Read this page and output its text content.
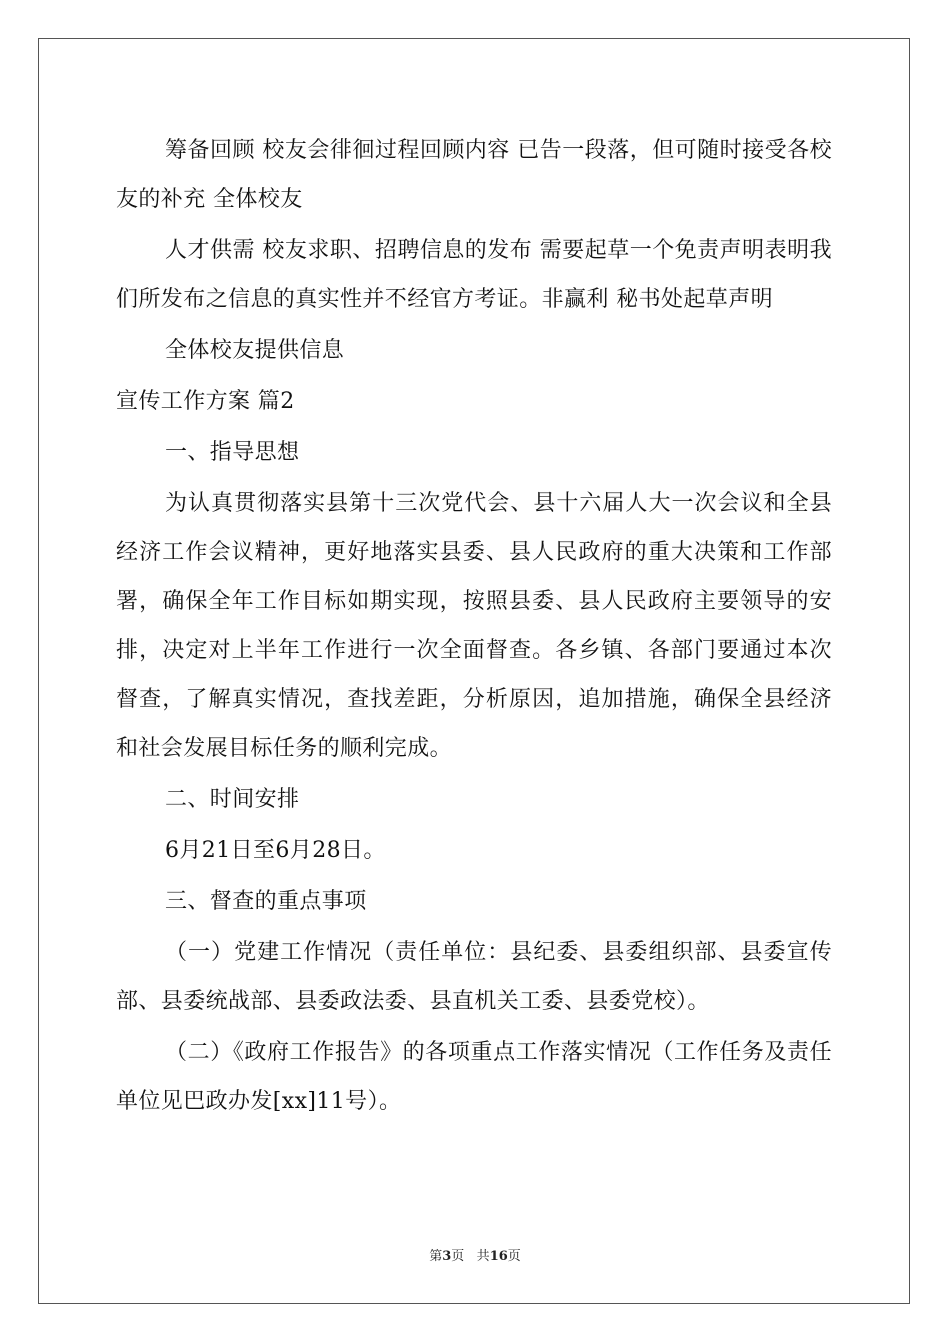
筹备回顾 校友会徘徊过程回顾内容 已告一段落，但可随时接受各校友的补充 全体校友

人才供需 校友求职、招聘信息的发布 需要起草一个免责声明表明我们所发布之信息的真实性并不经官方考证。非赢利 秘书处起草声明

全体校友提供信息

宣传工作方案 篇2

一、指导思想

为认真贯彻落实县第十三次党代会、县十六届人大一次会议和全县经济工作会议精神，更好地落实县委、县人民政府的重大决策和工作部署，确保全年工作目标如期实现，按照县委、县人民政府主要领导的安排，决定对上半年工作进行一次全面督查。各乡镇、各部门要通过本次督查，了解真实情况，查找差距，分析原因，追加措施，确保全县经济和社会发展目标任务的顺利完成。

二、时间安排

6月21日至6月28日。

三、督查的重点事项

（一）党建工作情况（责任单位：县纪委、县委组织部、县委宣传部、县委统战部、县委政法委、县直机关工委、县委党校）。

（二）《政府工作报告》的各项重点工作落实情况（工作任务及责任单位见巴政办发[xx]11号）。

第3页 共16页
